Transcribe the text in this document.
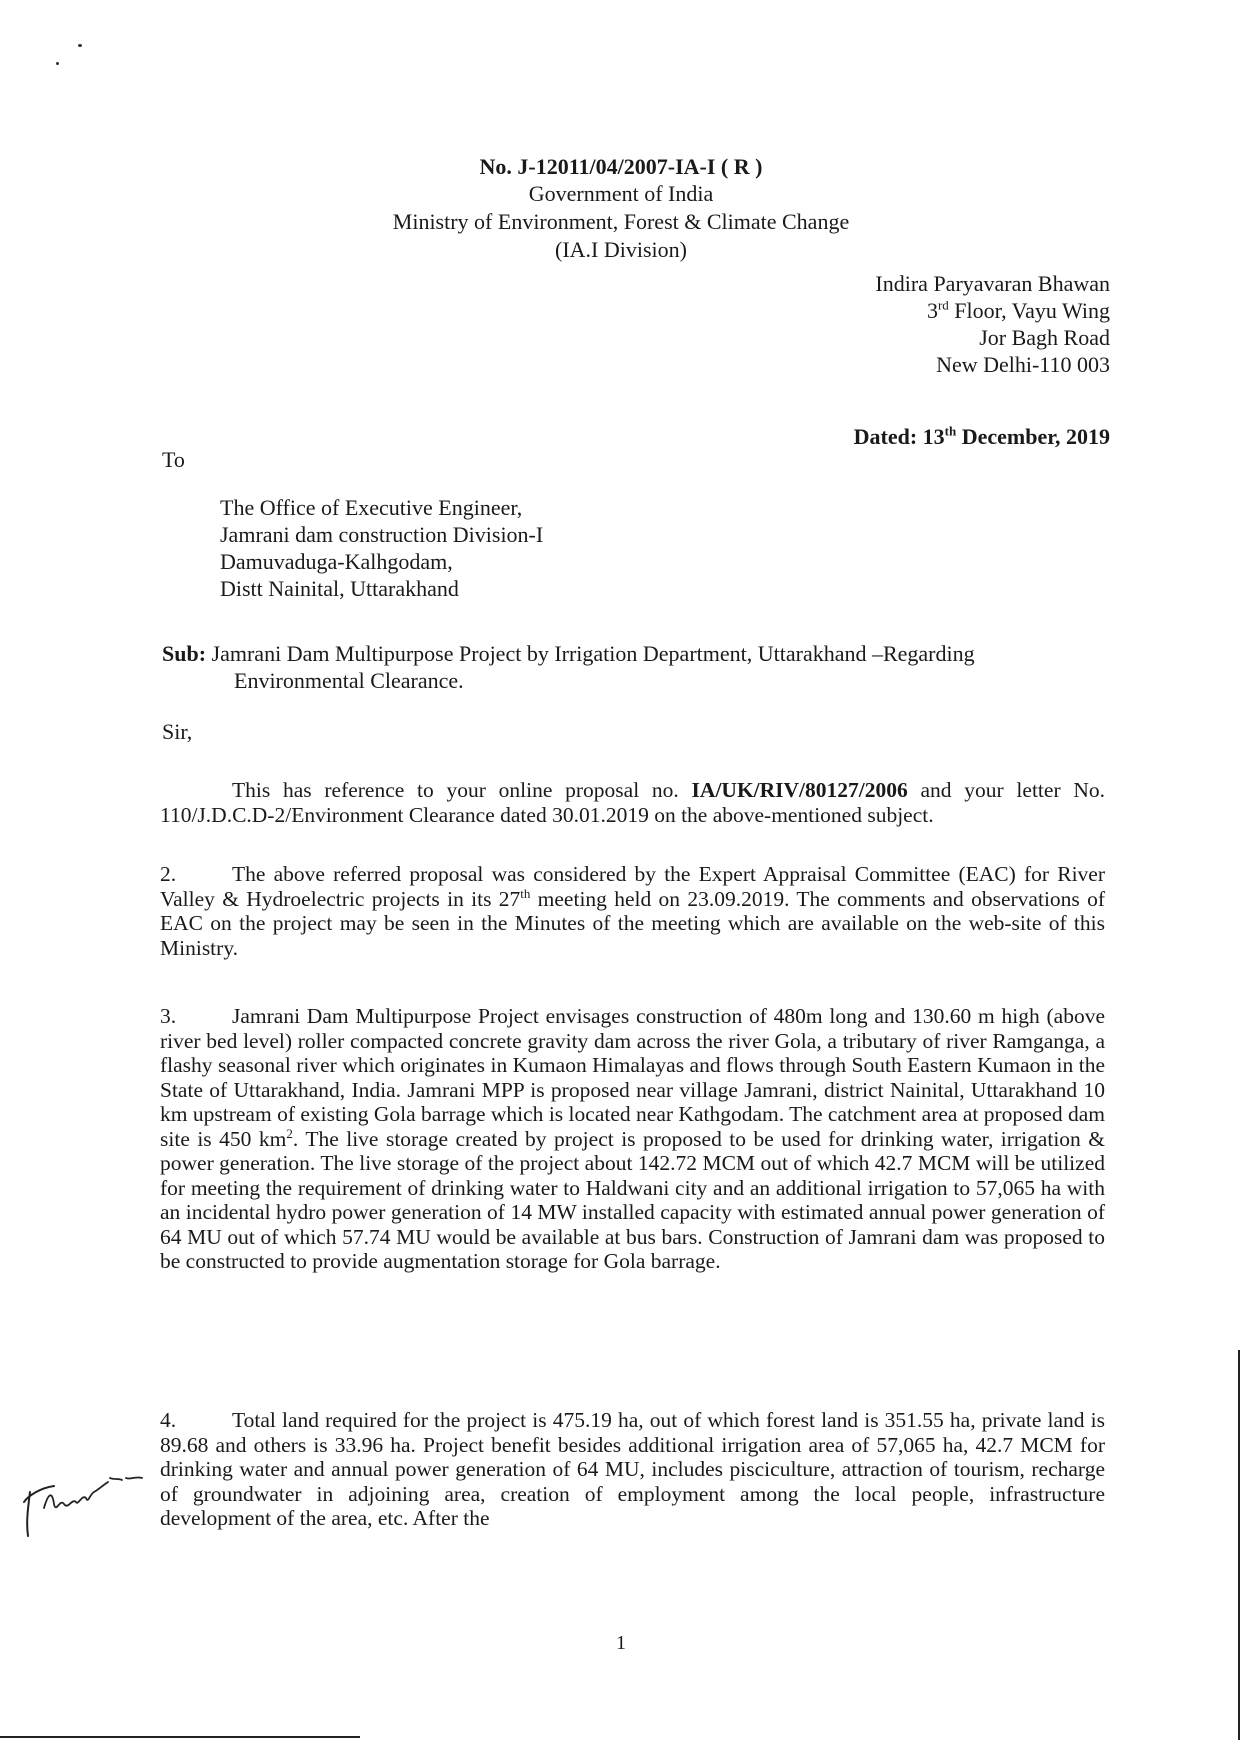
No. J-12011/04/2007-IA-I ( R )
Government of India
Ministry of Environment, Forest & Climate Change
(IA.I Division)
Indira Paryavaran Bhawan
3rd Floor, Vayu Wing
Jor Bagh Road
New Delhi-110 003
Dated: 13th December, 2019
To
The Office of Executive Engineer,
Jamrani dam construction Division-I
Damuvaduga-Kalhgodam,
Distt Nainital, Uttarakhand
Sub: Jamrani Dam Multipurpose Project by Irrigation Department, Uttarakhand –Regarding
Environmental Clearance.
Sir,

This has reference to your online proposal no. IA/UK/RIV/80127/2006 and your letter No. 110/J.D.C.D-2/Environment Clearance dated 30.01.2019 on the above-mentioned subject.

2.	The above referred proposal was considered by the Expert Appraisal Committee (EAC) for River Valley & Hydroelectric projects in its 27th meeting held on 23.09.2019. The comments and observations of EAC on the project may be seen in the Minutes of the meeting which are available on the web-site of this Ministry.

3.	Jamrani Dam Multipurpose Project envisages construction of 480m long and 130.60 m high (above river bed level) roller compacted concrete gravity dam across the river Gola, a tributary of river Ramganga, a flashy seasonal river which originates in Kumaon Himalayas and flows through South Eastern Kumaon in the State of Uttarakhand, India. Jamrani MPP is proposed near village Jamrani, district Nainital, Uttarakhand 10 km upstream of existing Gola barrage which is located near Kathgodam. The catchment area at proposed dam site is 450 $km^2$. The live storage created by project is proposed to be used for drinking water, irrigation & power generation. The live storage of the project about 142.72 MCM out of which 42.7 MCM will be utilized for meeting the requirement of drinking water to Haldwani city and an additional irrigation to 57,065 ha with an incidental hydro power generation of 14 MW installed capacity with estimated annual power generation of 64 MU out of which 57.74 MU would be available at bus bars. Construction of Jamrani dam was proposed to be constructed to provide augmentation storage for Gola barrage.

4.	Total land required for the project is 475.19 ha, out of which forest land is 351.55 ha, private land is 89.68 and others is 33.96 ha. Project benefit besides additional irrigation area of 57,065 ha, 42.7 MCM for drinking water and annual power generation of 64 MU, includes pisciculture, attraction of tourism, recharge of groundwater in adjoining area, creation of employment among the local people, infrastructure development of the area, etc. After the

1
